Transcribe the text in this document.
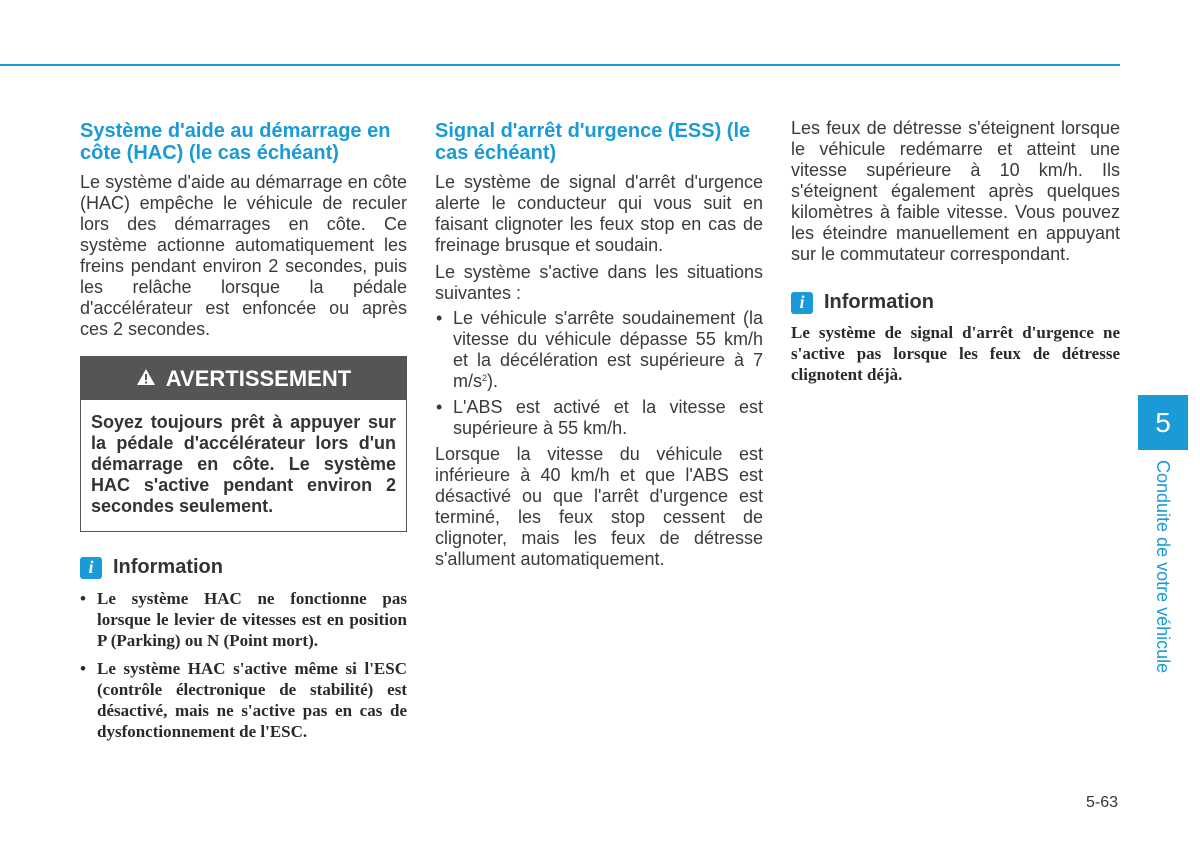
Système d'aide au démarrage en côte (HAC) (le cas échéant)

Le système d'aide au démarrage en côte (HAC) empêche le véhicule de reculer lors des démarrages en côte. Ce système actionne automatiquement les freins pendant environ 2 secondes, puis les relâche lorsque la pédale d'accélérateur est enfoncée ou après ces 2 secondes.

AVERTISSEMENT
Soyez toujours prêt à appuyer sur la pédale d'accélérateur lors d'un démarrage en côte. Le système HAC s'active pendant environ 2 secondes seulement.
i Information
• Le système HAC ne fonctionne pas lorsque le levier de vitesses est en position P (Parking) ou N (Point mort).
• Le système HAC s'active même si l'ESC (contrôle électronique de stabilité) est désactivé, mais ne s'active pas en cas de dysfonctionnement de l'ESC.
Signal d'arrêt d'urgence (ESS) (le cas échéant)

Le système de signal d'arrêt d'urgence alerte le conducteur qui vous suit en faisant clignoter les feux stop en cas de freinage brusque et soudain.

Le système s'active dans les situations suivantes :

• Le véhicule s'arrête soudainement (la vitesse du véhicule dépasse 55 km/h et la décélération est supérieure à 7 $m/s^2$).
• L'ABS est activé et la vitesse est supérieure à 55 km/h.

Lorsque la vitesse du véhicule est inférieure à 40 km/h et que l'ABS est désactivé ou que l'arrêt d'urgence est terminé, les feux stop cessent de clignoter, mais les feux de détresse s'allument automatiquement.

Les feux de détresse s'éteignent lorsque le véhicule redémarre et atteint une vitesse supérieure à 10 km/h. Ils s'éteignent également après quelques kilomètres à faible vitesse. Vous pouvez les éteindre manuellement en appuyant sur le commutateur correspondant.

i Information

Le système de signal d'arrêt d'urgence ne s'active pas lorsque les feux de détresse clignotent déjà.

5
Conduite de votre véhicule
5-63
